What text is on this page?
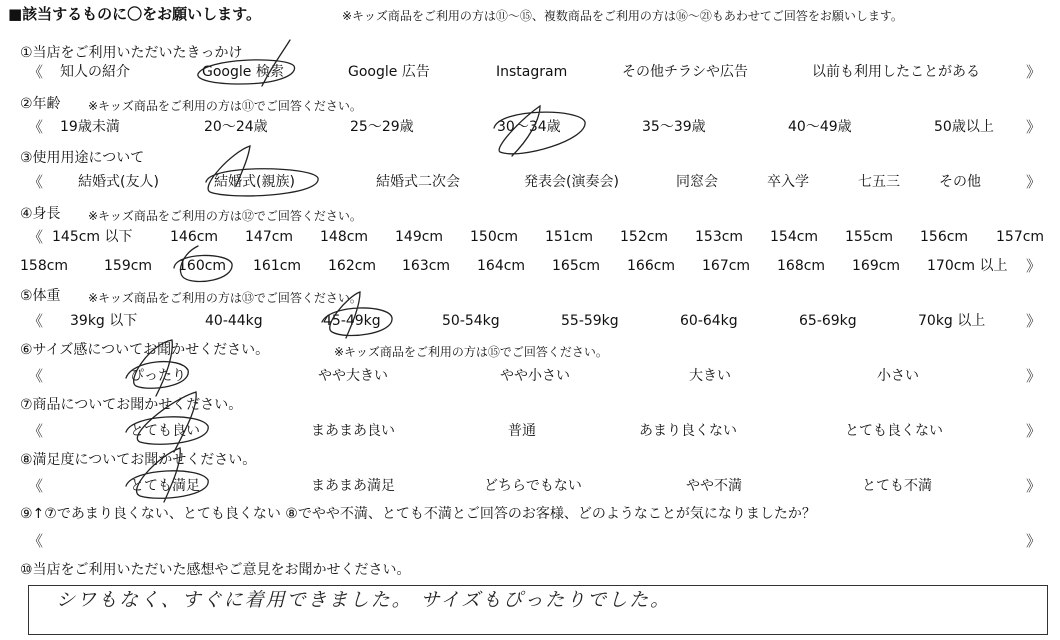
■該当するものに〇をお願いします。	※キッズ商品をご利用の方は⑪〜⑮、複数商品をご利用の方は⑯〜㉑もあわせてご回答をお願いします。
①当店をご利用いただいたきっかけ
《 知人の紹介	Google 検索	Google 広告	Instagram	その他チラシや広告	以前も利用したことがある	》
②年齢 ※キッズ商品をご利用の方は⑪でご回答ください。
《 19歳未満	20〜24歳	25〜29歳	30〜34歳	35〜39歳	40〜49歳	50歳以上 》
③使用用途について
《 結婚式(友人)	結婚式(親族)	結婚式二次会	発表会(演奏会)	同窓会	卒入学	七五三	その他	》
④身長 ※キッズ商品をご利用の方は⑫でご回答ください。
《 145cm 以下	146cm 147cm 148cm 149cm 150cm 151cm 152cm 153cm 154cm 155cm 156cm 157cm
158cm	159cm 160cm 161cm 162cm 163cm 164cm 165cm 166cm 167cm 168cm 169cm 170cm 以上 》
⑤体重 ※キッズ商品をご利用の方は⑬でご回答ください。
《 39kg 以下	40-44kg	45-49kg	50-54kg	55-59kg	60-64kg	65-69kg	70kg 以上	》
⑥サイズ感についてお聞かせください。	※キッズ商品をご利用の方は⑮でご回答ください。
《	ぴったり	やや大きい	やや小さい	大きい	小さい	》
⑦商品についてお聞かせください。
《	とても良い	まあまあ良い	普通	あまり良くない	とても良くない	》
⑧満足度についてお聞かせください。
《	とても満足	まあまあ満足	どちらでもない	やや不満	とても不満	》
⑨↑⑦であまり良くない、とても良くない ⑧でやや不満、とても不満とご回答のお客様、どのようなことが気になりましたか？
《	》
⑩当店をご利用いただいた感想やご意見をお聞かせください。
シワもなく、すぐに着用できました。 サイズもぴったりでした。
